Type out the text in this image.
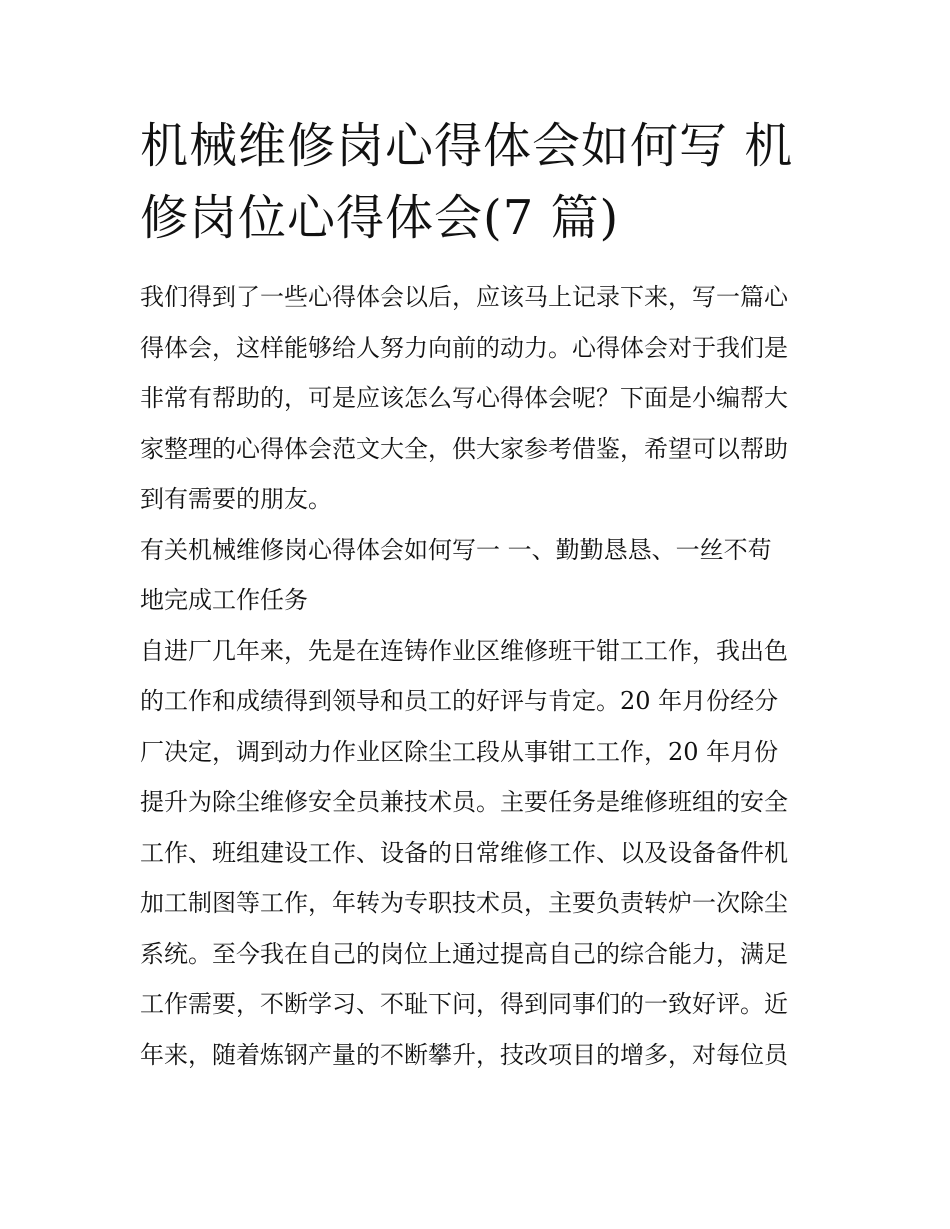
机械维修岗心得体会如何写 机
修岗位心得体会(7 篇)

我们得到了一些心得体会以后，应该马上记录下来，写一篇心
得体会，这样能够给人努力向前的动力。心得体会对于我们是
非常有帮助的，可是应该怎么写心得体会呢？下面是小编帮大
家整理的心得体会范文大全，供大家参考借鉴，希望可以帮助
到有需要的朋友。

有关机械维修岗心得体会如何写一 一、勤勤恳恳、一丝不苟
地完成工作任务

自进厂几年来，先是在连铸作业区维修班干钳工工作，我出色
的工作和成绩得到领导和员工的好评与肯定。20 年月份经分
厂决定，调到动力作业区除尘工段从事钳工工作，20 年月份
提升为除尘维修安全员兼技术员。主要任务是维修班组的安全
工作、班组建设工作、设备的日常维修工作、以及设备备件机
加工制图等工作，年转为专职技术员，主要负责转炉一次除尘
系统。至今我在自己的岗位上通过提高自己的综合能力，满足
工作需要，不断学习、不耻下问，得到同事们的一致好评。近
年来，随着炼钢产量的不断攀升，技改项目的增多，对每位员
